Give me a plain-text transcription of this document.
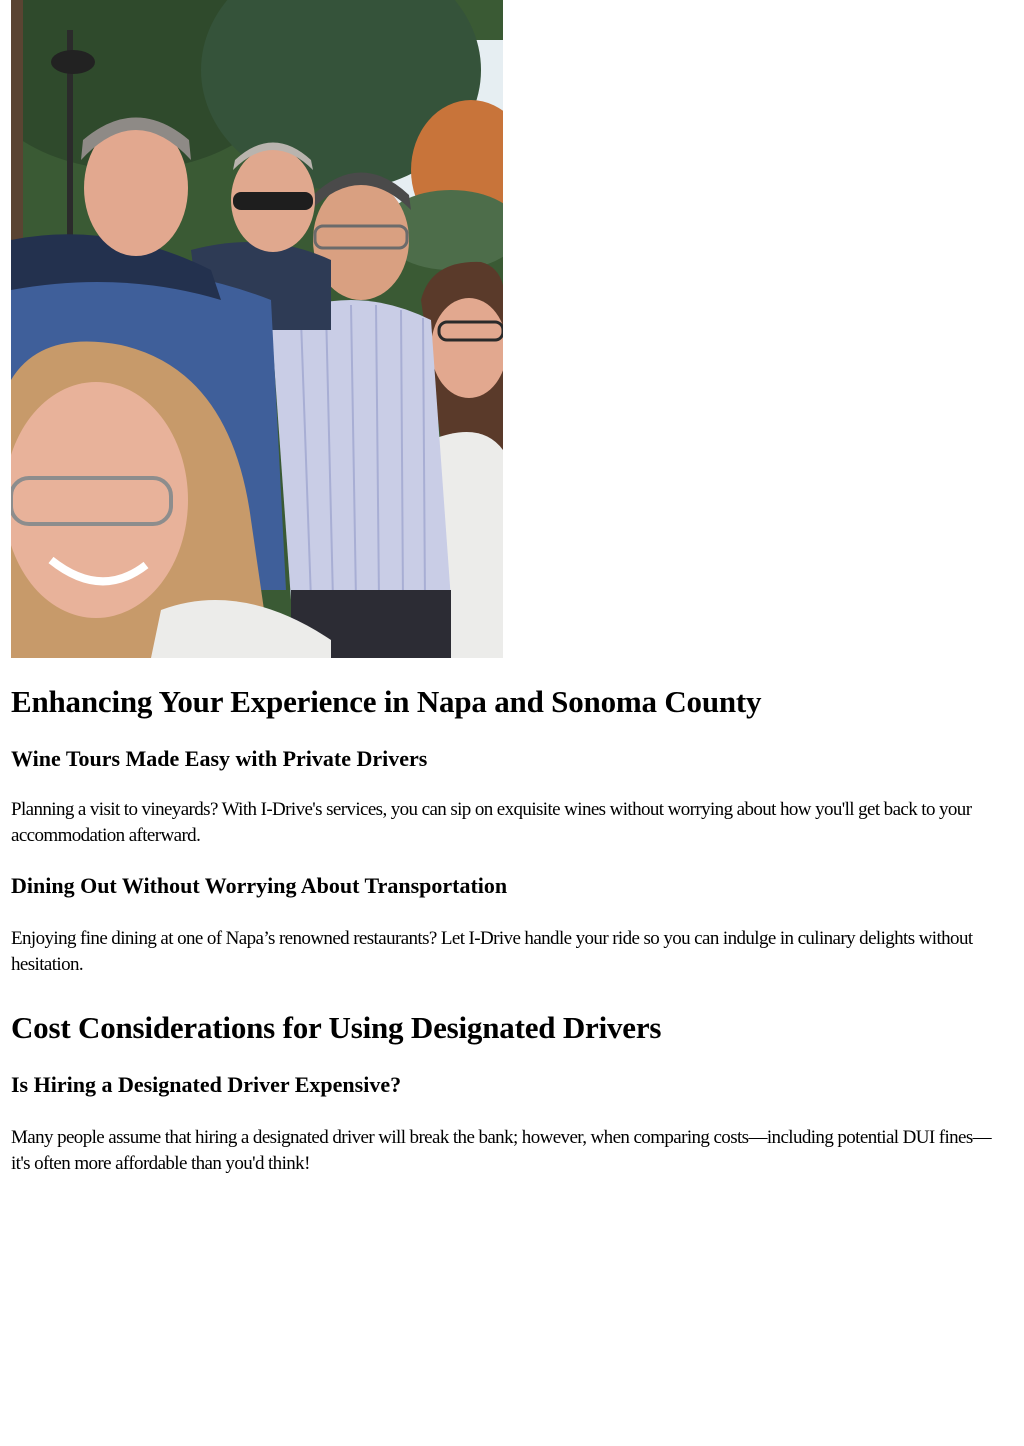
Enhancing Your Experience in Napa and Sonoma County
Wine Tours Made Easy with Private Drivers

Planning a visit to vineyards? With I-Drive's services, you can sip on exquisite wines without worrying about how you'll get back to your accommodation afterward.

Dining Out Without Worrying About Transportation

Enjoying fine dining at one of Napa’s renowned restaurants? Let I-Drive handle your ride so you can indulge in culinary delights without hesitation.

Cost Considerations for Using Designated Drivers
Is Hiring a Designated Driver Expensive?

Many people assume that hiring a designated driver will break the bank; however, when comparing costs—including potential DUI fines—it's often more affordable than you'd think!
